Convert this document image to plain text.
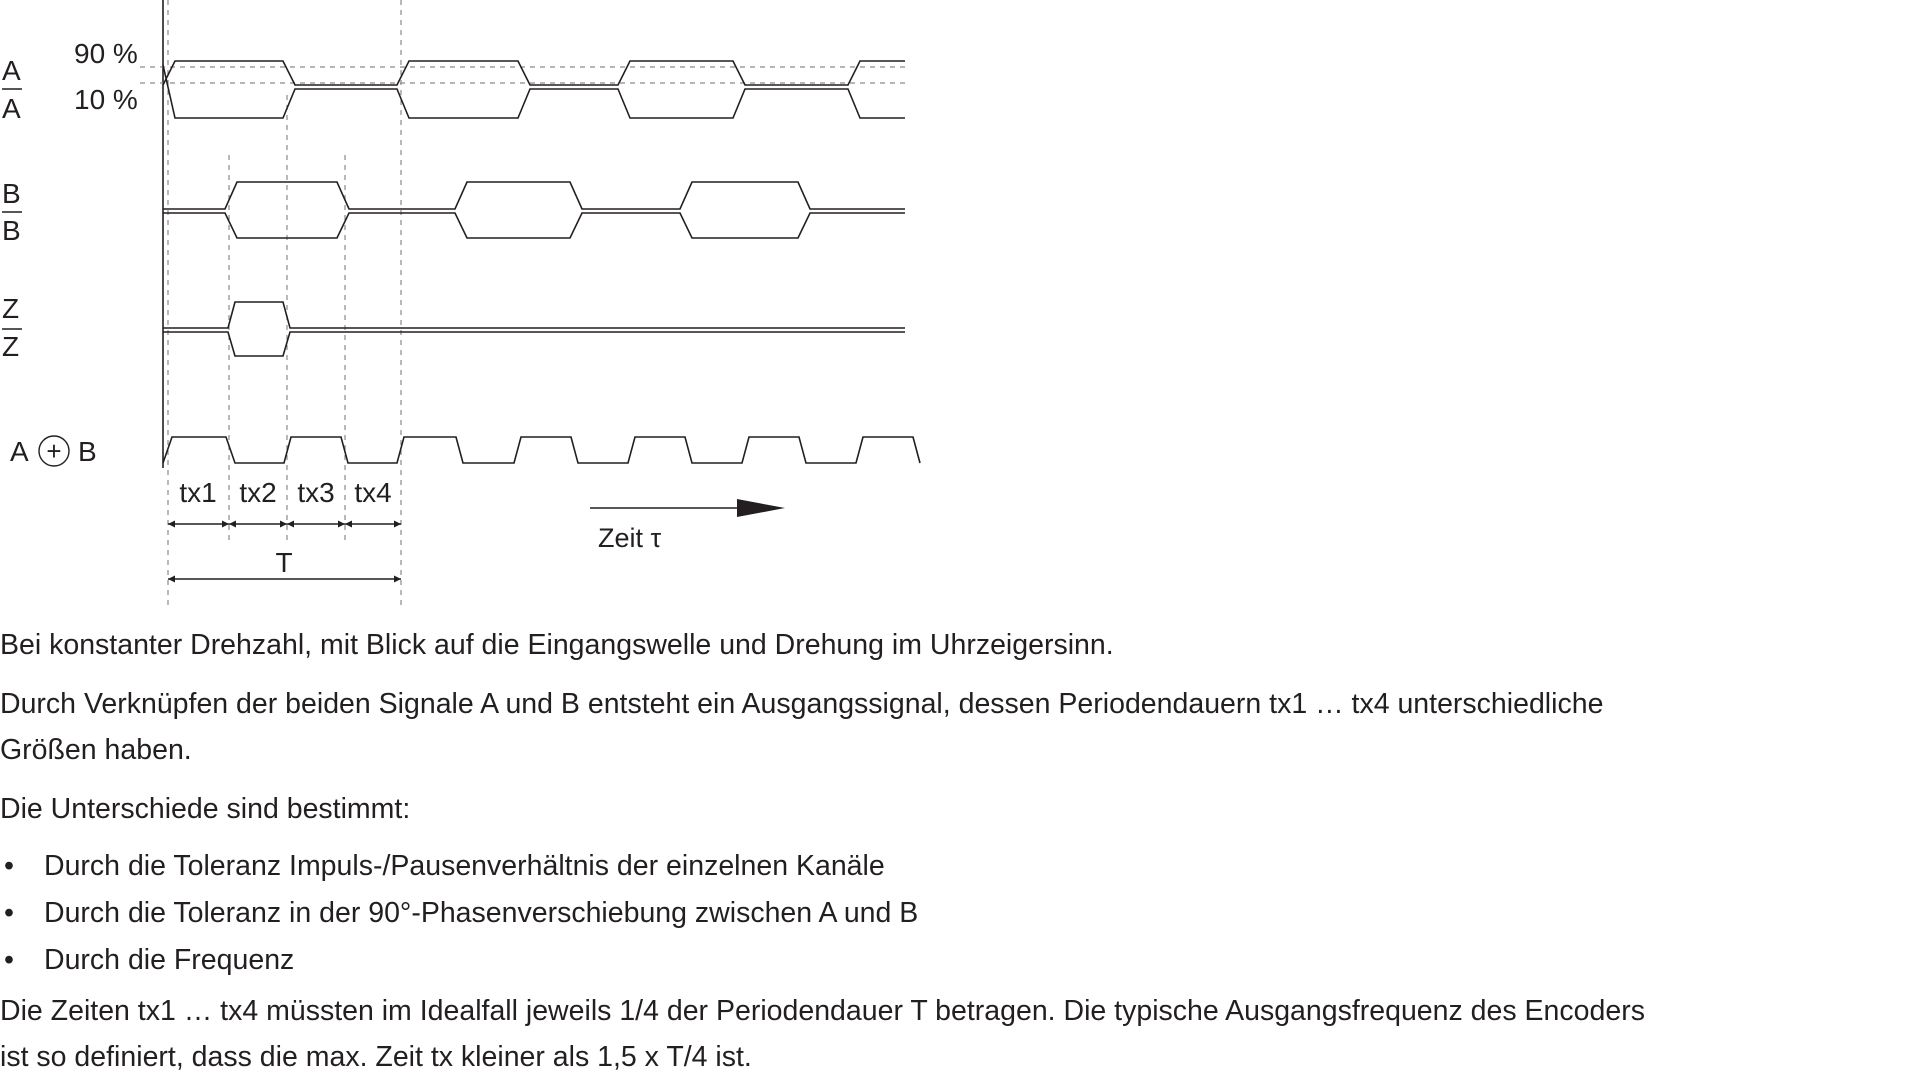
A
A
B
B
Z
Z
A + B
90 %
10 %
tx1 tx2 tx3 tx4
T
Zeit τ

Bei konstanter Drehzahl, mit Blick auf die Eingangswelle und Drehung im Uhrzeigersinn.

Durch Verknüpfen der beiden Signale A und B entsteht ein Ausgangssignal, dessen Periodendauern tx1 … tx4 unterschiedliche

Größen haben.

Die Unterschiede sind bestimmt:

• Durch die Toleranz Impuls-/Pausenverhältnis der einzelnen Kanäle
• Durch die Toleranz in der 90°-Phasenverschiebung zwischen A und B
• Durch die Frequenz

Die Zeiten tx1 … tx4 müssten im Idealfall jeweils 1/4 der Periodendauer T betragen. Die typische Ausgangsfrequenz des Encoders

ist so definiert, dass die max. Zeit tx kleiner als 1,5 x T/4 ist.
